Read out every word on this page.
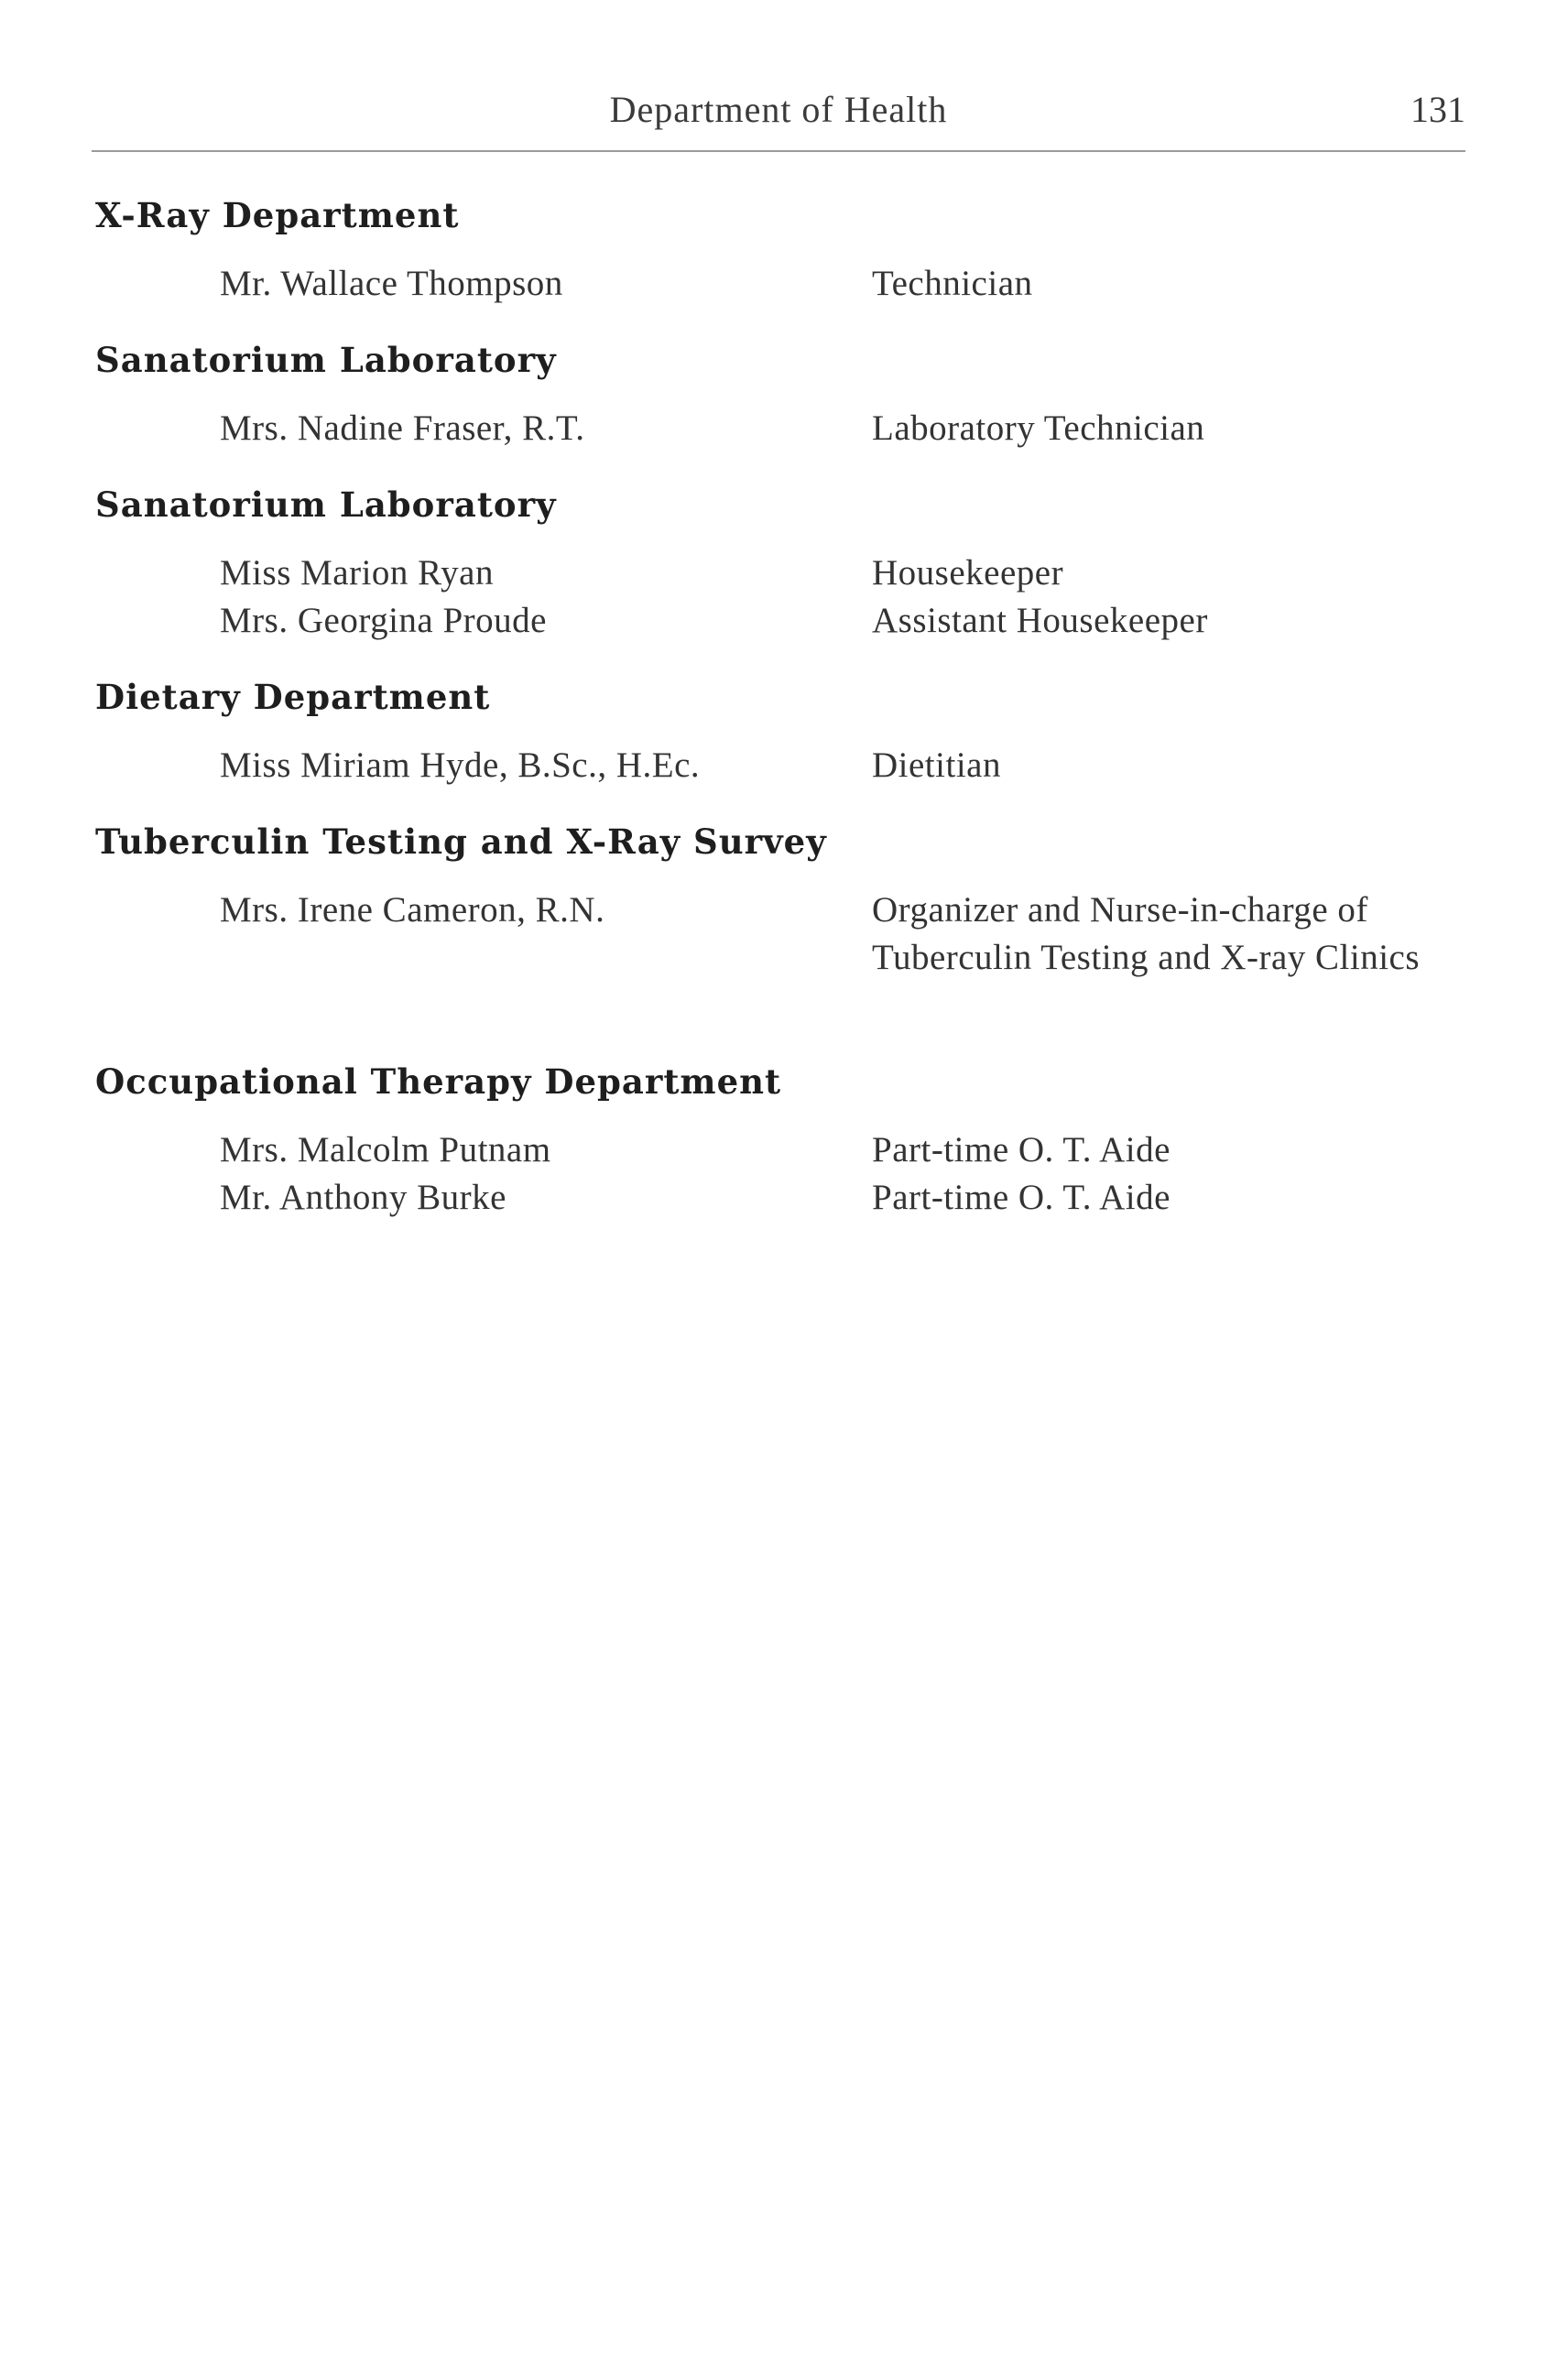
Department of Health	131
X-Ray Department
Mr. Wallace Thompson	Technician
Sanatorium Laboratory
Mrs. Nadine Fraser, R.T.	Laboratory Technician
Sanatorium Laboratory
Miss Marion Ryan	Housekeeper
Mrs. Georgina Proude	Assistant Housekeeper
Dietary Department
Miss Miriam Hyde, B.Sc., H.Ec.	Dietitian
Tuberculin Testing and X-Ray Survey
Mrs. Irene Cameron, R.N.	Organizer and Nurse-in-charge of Tuberculin Testing and X-ray Clinics
Occupational Therapy Department
Mrs. Malcolm Putnam	Part-time O. T. Aide
Mr. Anthony Burke	Part-time O. T. Aide
